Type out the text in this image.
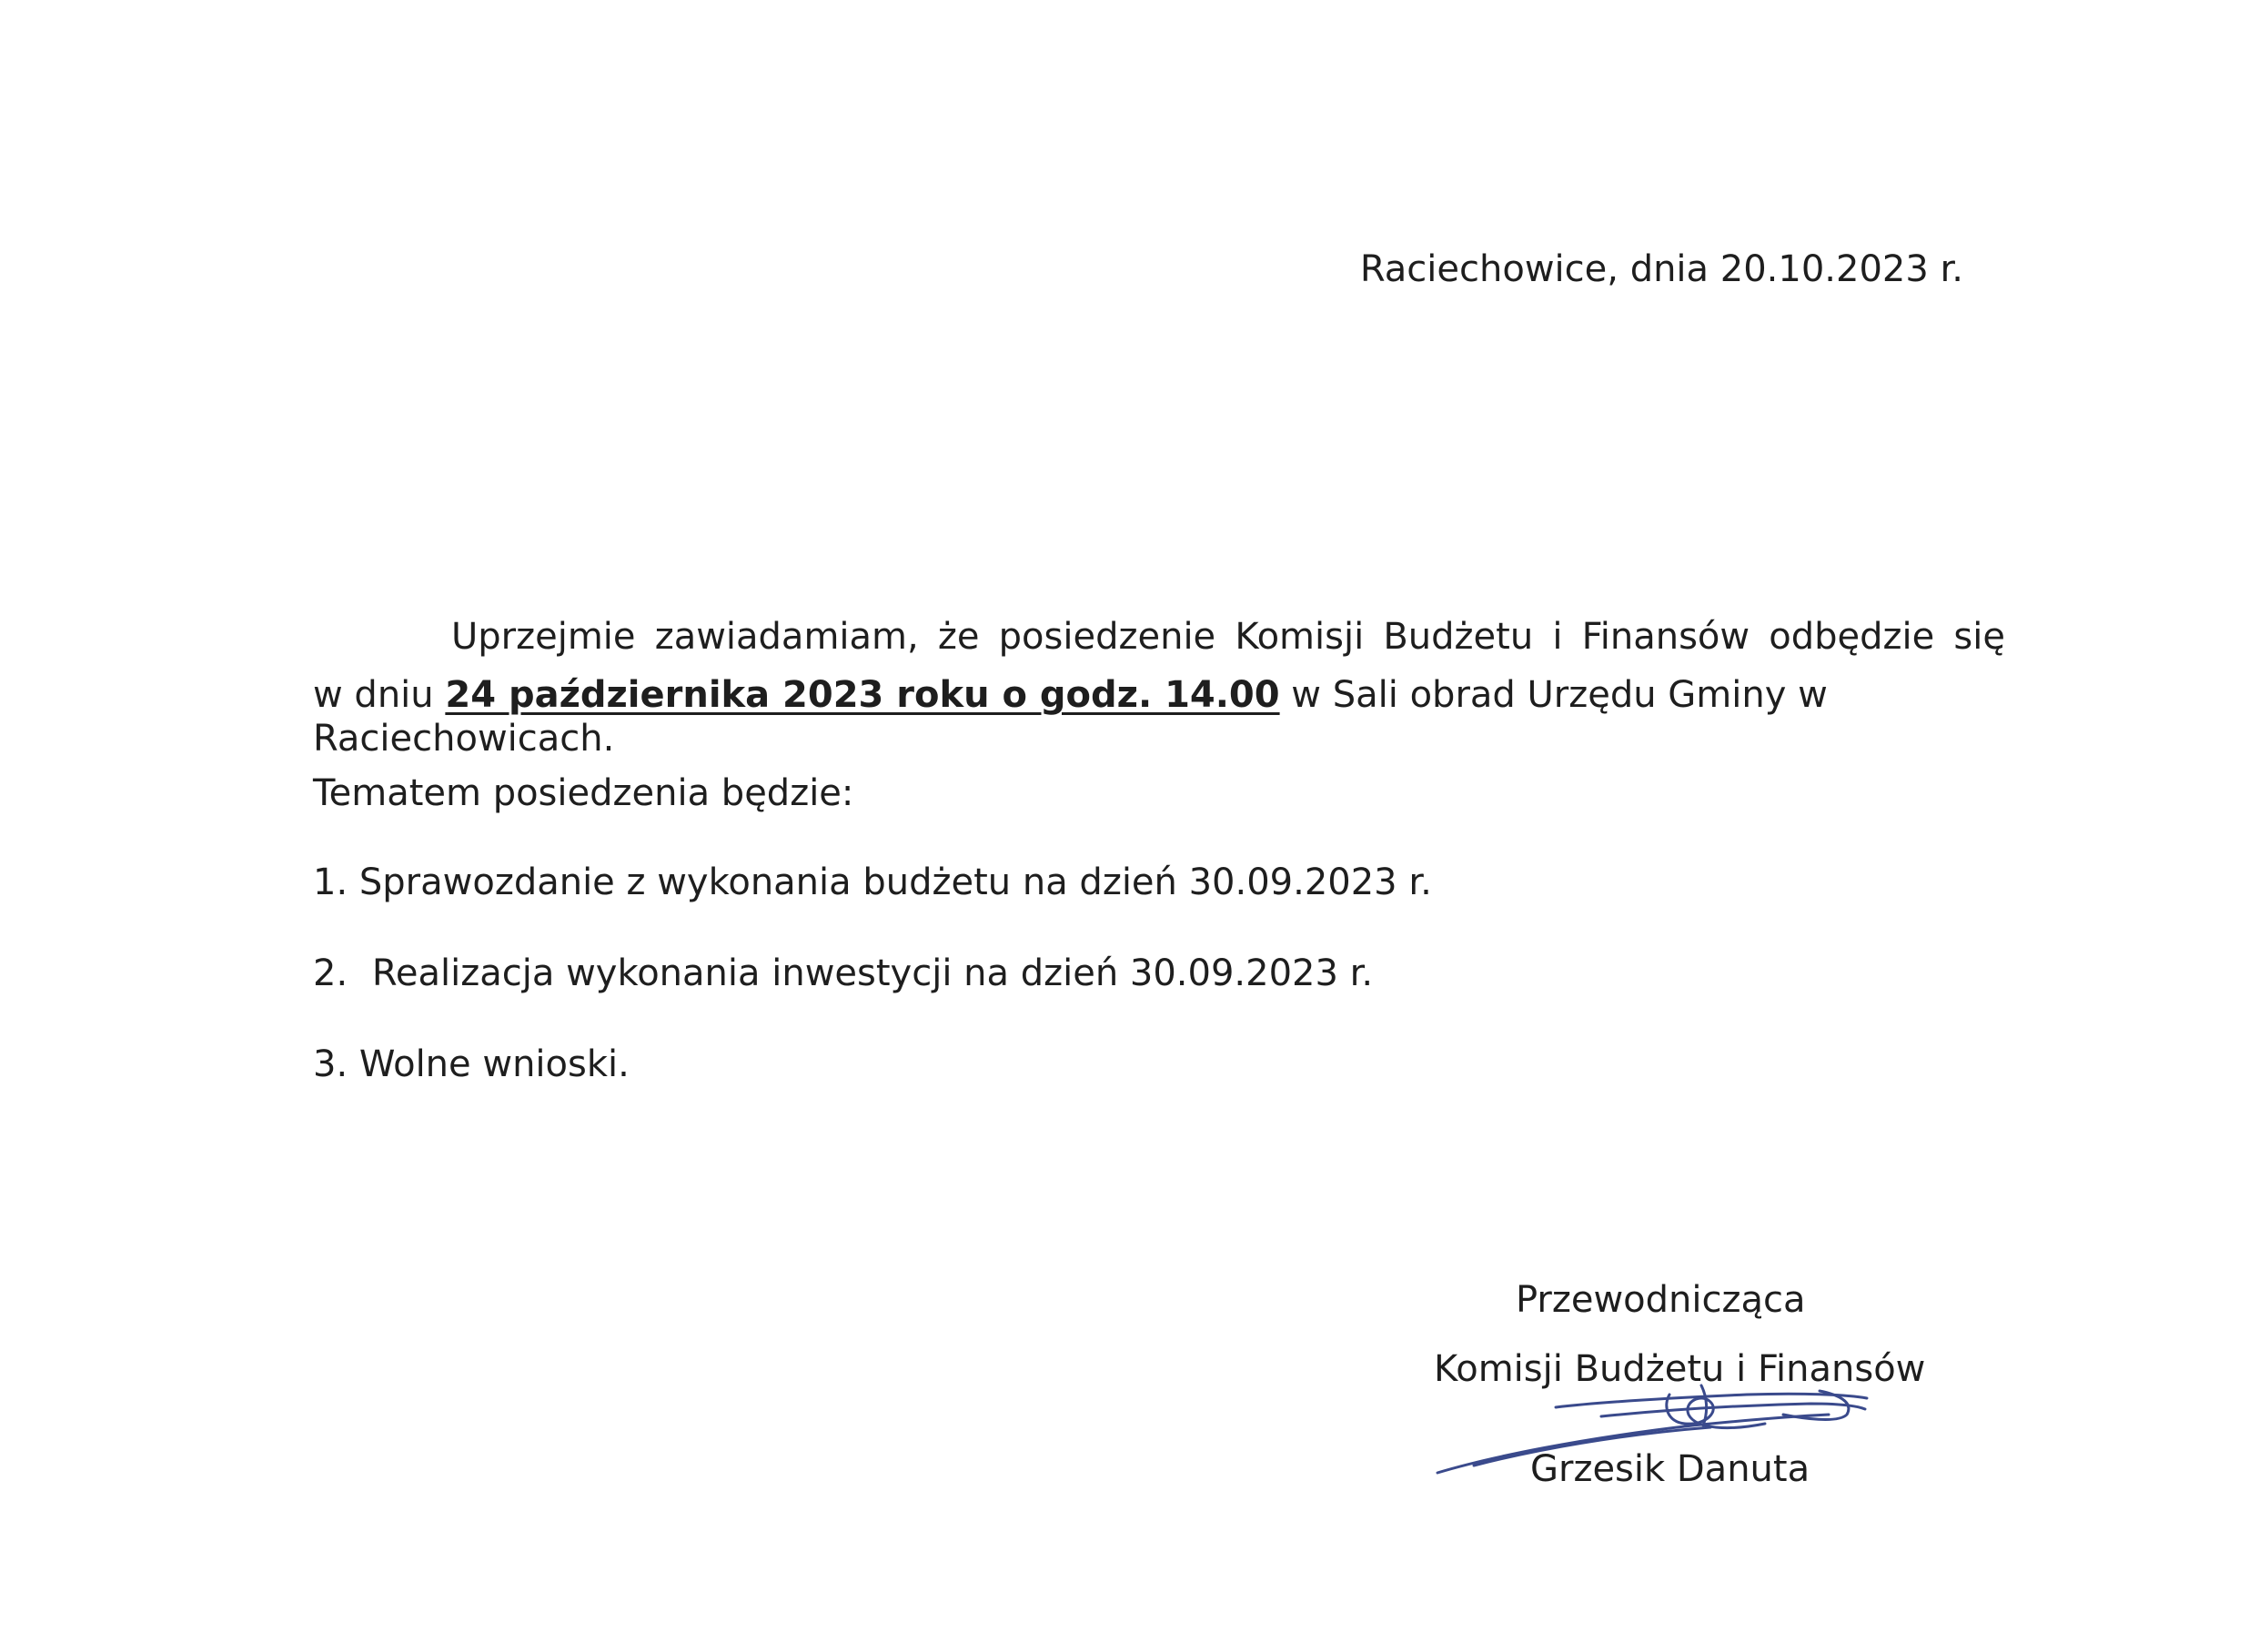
Raciechowice, dnia 20.10.2023 r.

Uprzejmie zawiadamiam, że posiedzenie Komisji Budżetu i Finansów odbędzie się

w dniu 24 października 2023 roku o godz. 14.00 w Sali obrad Urzędu Gminy w Raciechowicach.

Tematem posiedzenia będzie:
1. Sprawozdanie z wykonania budżetu na dzień 30.09.2023 r.
2. Realizacja wykonania inwestycji na dzień 30.09.2023 r.
3. Wolne wnioski.
Przewodnicząca
Komisji Budżetu i Finansów
Grzesik Danuta
